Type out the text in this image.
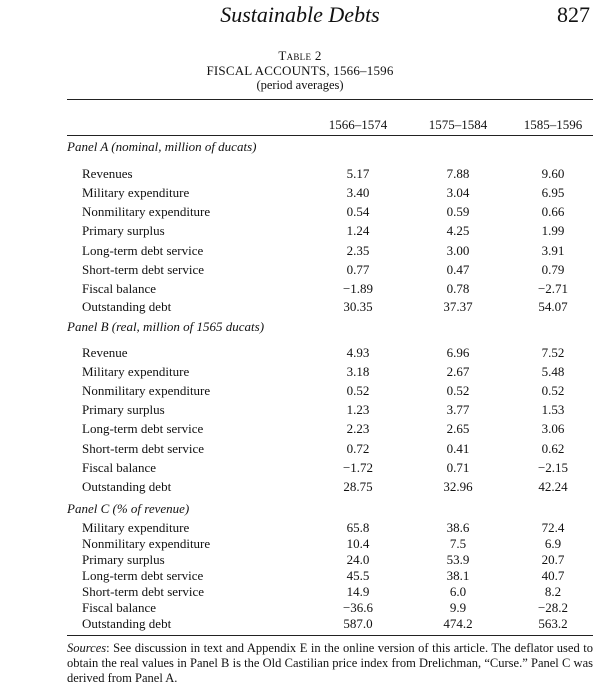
Sustainable Debts	827
Table 2
FISCAL ACCOUNTS, 1566–1596
(period averages)
1566–1574	1575–1584	1585–1596
Panel A (nominal, million of ducats)
Revenues	5.17	7.88	9.60
Military expenditure	3.40	3.04	6.95
Nonmilitary expenditure	0.54	0.59	0.66
Primary surplus	1.24	4.25	1.99
Long-term debt service	2.35	3.00	3.91
Short-term debt service	0.77	0.47	0.79
Fiscal balance	−1.89	0.78	−2.71
Outstanding debt	30.35	37.37	54.07
Panel B (real, million of 1565 ducats)
Revenue	4.93	6.96	7.52
Military expenditure	3.18	2.67	5.48
Nonmilitary expenditure	0.52	0.52	0.52
Primary surplus	1.23	3.77	1.53
Long-term debt service	2.23	2.65	3.06
Short-term debt service	0.72	0.41	0.62
Fiscal balance	−1.72	0.71	−2.15
Outstanding debt	28.75	32.96	42.24
Panel C (% of revenue)
Military expenditure	65.8	38.6	72.4
Nonmilitary expenditure	10.4	7.5	6.9
Primary surplus	24.0	53.9	20.7
Long-term debt service	45.5	38.1	40.7
Short-term debt service	14.9	6.0	8.2
Fiscal balance	−36.6	9.9	−28.2
Outstanding debt	587.0	474.2	563.2
Sources: See discussion in text and Appendix E in the online version of this article. The deflator used to obtain the real values in Panel B is the Old Castilian price index from Drelichman, “Curse.” Panel C was derived from Panel A.
